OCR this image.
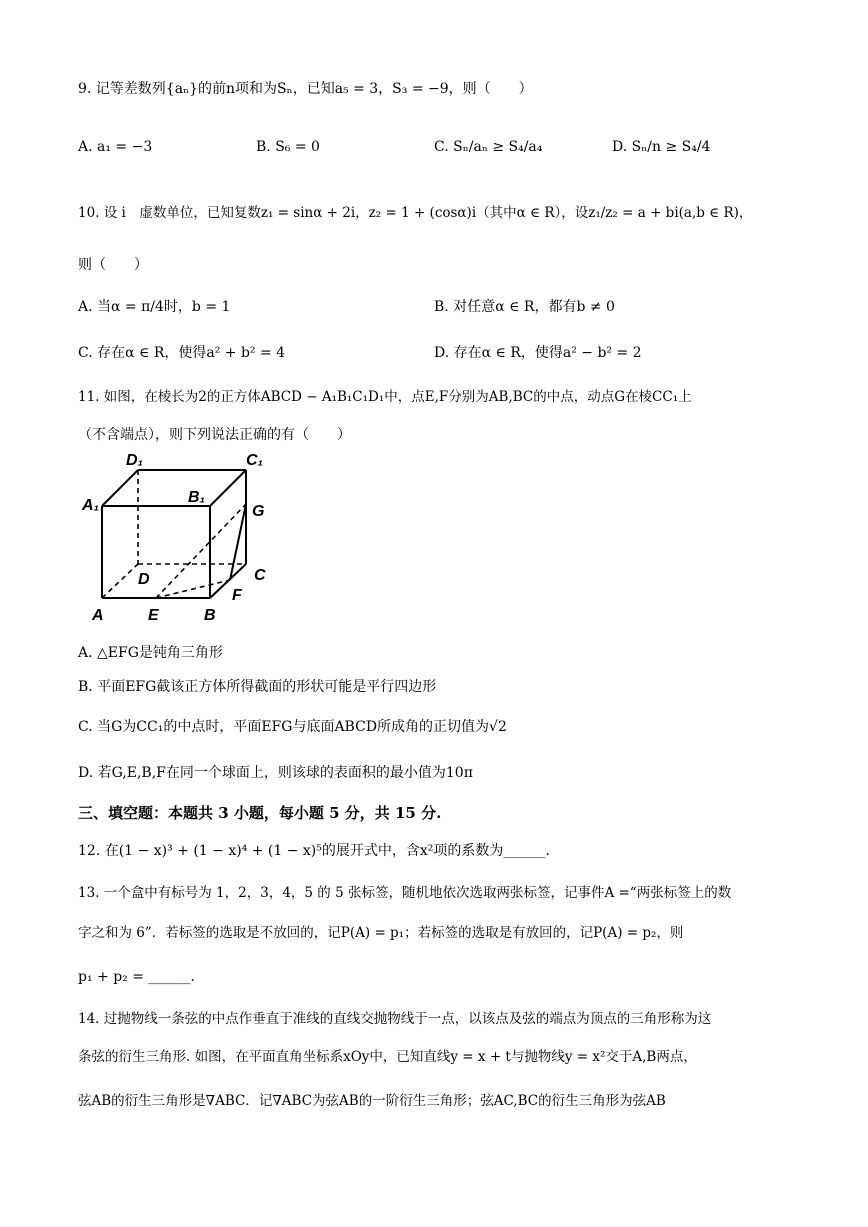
9. 记等差数列{aₙ}的前n项和为Sₙ，已知a₅ = 3，S₃ = −9，则（　　）
A. a₁ = −3	B. S₆ = 0	C. Sₙ/aₙ ≥ S₄/a₄	D. Sₙ/n ≥ S₄/4
10. 设 i　虚数单位，已知复数z₁ = sinα + 2i，z₂ = 1 + (cosα)i（其中α ∈ R），设z₁/z₂ = a + bi(a,b ∈ R)，
则（　　）
A. 当α = π/4时，b = 1	B. 对任意α ∈ R，都有b ≠ 0
C. 存在α ∈ R，使得a² + b² = 4	D. 存在α ∈ R，使得a² − b² = 2
11. 如图，在棱长为2的正方体ABCD − A₁B₁C₁D₁中，点E,F分别为AB,BC的中点，动点G在棱CC₁上
（不含端点），则下列说法正确的有（　　）
D₁	C₁
A₁	B₁
G
D	C
F
A	E	B
A. △EFG是钝角三角形
B. 平面EFG截该正方体所得截面的形状可能是平行四边形
C. 当G为CC₁的中点时，平面EFG与底面ABCD所成角的正切值为√2
D. 若G,E,B,F在同一个球面上，则该球的表面积的最小值为10π
三、填空题：本题共 3 小题，每小题 5 分，共 15 分.
12. 在(1 − x)³ + (1 − x)⁴ + (1 − x)⁵的展开式中，含x²项的系数为______.
13. 一个盒中有标号为 1，2，3，4，5 的 5 张标签，随机地依次选取两张标签，记事件A =“两张标签上的数
字之和为 6”．若标签的选取是不放回的，记P(A) = p₁；若标签的选取是有放回的，记P(A) = p₂，则
p₁ + p₂ = ______.
14. 过抛物线一条弦的中点作垂直于准线的直线交抛物线于一点，以该点及弦的端点为顶点的三角形称为这
条弦的衍生三角形. 如图，在平面直角坐标系xOy中，已知直线y = x + t与抛物线y = x²交于A,B两点，
弦AB的衍生三角形是∇ABC．记∇ABC为弦AB的一阶衍生三角形；弦AC,BC的衍生三角形为弦AB
